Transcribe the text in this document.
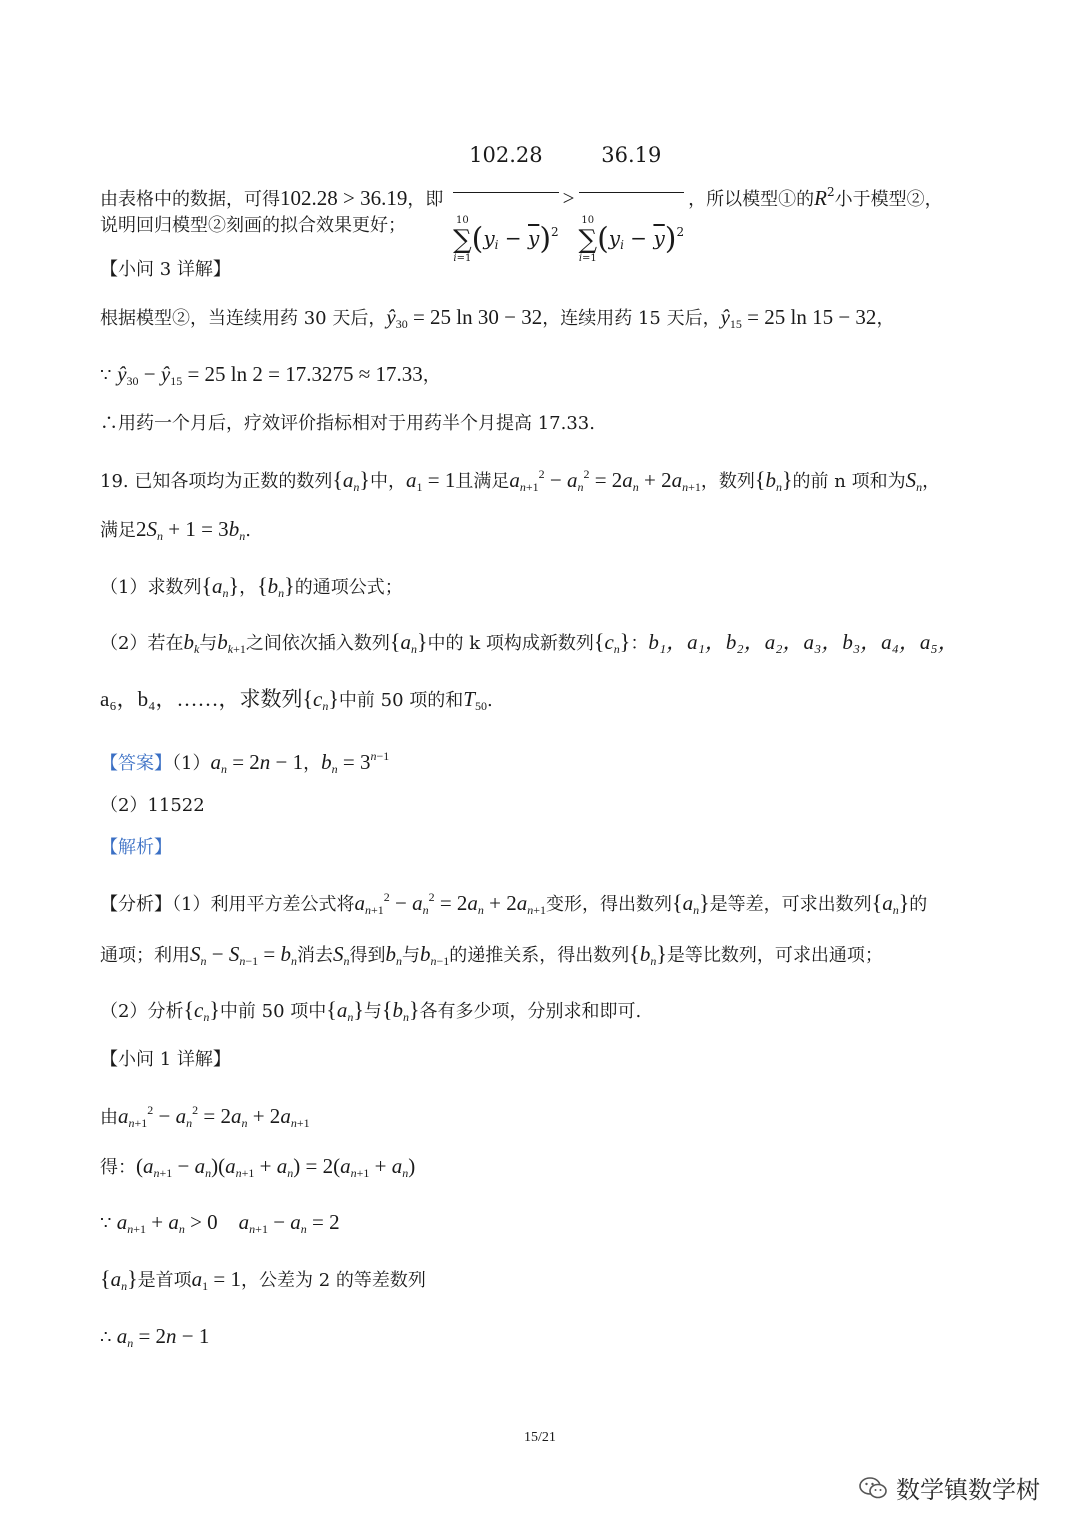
由表格中的数据，可得102.28 > 36.19，即 102.28
10
∑
i=1
$(y_i - \overline{y})^2 > 36.19$
10
∑
i=1
$(y_i - \overline{y})^2$ ，所以模型①的$R^2$小于模型②，
说明回归模型②刻画的拟合效果更好；
【小问 3 详解】
根据模型②，当连续用药 30 天后，$ŷ_{30} = 25$ ln 30 − 32，连续用药 15 天后，$ŷ_{15} = 25$ ln 15 − 32，
∵ $ŷ_{30}$ − $ŷ_{15} = 25$ ln 2 = 17.3275 ≈ 17.33，
∴用药一个月后，疗效评价指标相对于用药半个月提高 17.33.
19. 已知各项均为正数的数列$\{a_n\}$中，$a_1 = 1$且满足$a_{n+1}^2 - a_n^2 = 2a_n + 2a_{n+1}$，数列$\{b_n\}$的前 n 项和为$S_n$，
满足$2S_n + 1 = 3b_n$.
（1）求数列$\{a_n\}$，$\{b_n\}$的通项公式；
（2）若在$b_k$与$b_{k+1}$之间依次插入数列$\{a_n\}$中的 k 项构成新数列$\{c_n\}$：b₁，a₁，b₂，a₂，a₃，b₃，a₄，a₅，
a₆，b₄，……，求数列$\{c_n\}$中前 50 项的和$T_{50}$.
【答案】$(1)a_n = 2n - 1$，$b_n = 3^{n-1}$
（2）11522
【解析】
【分析】（1）利用平方差公式将$a_{n+1}^2 - a_n^2 = 2a_n + 2a_{n+1}$变形，得出数列$\{a_n\}$是等差，可求出数列$\{a_n\}$的
通项；利用$S_n - S_{n-1} = b_n$消去$S_n$得到$b_n$与$b_{n-1}$的递推关系，得出数列$\{b_n\}$是等比数列，可求出通项；
（2）分析$\{c_n\}$中前 50 项中$\{a_n\}$与$\{b_n\}$各有多少项，分别求和即可.
【小问 1 详解】
由$a_{n+1}^2 - a_n^2 = 2a_n + 2a_{n+1}$
得：$(a_{n+1} - a_n)(a_{n+1} + a_n) = 2(a_{n+1} + a_n)$
∵ $a_{n+1} + a_n > 0$    $a_{n+1} - a_n = 2$
$\{a_n\}$是首项$a_1 = 1$，公差为 2 的等差数列
∴ $a_n = 2n - 1$
15/21
数学镇数学树
